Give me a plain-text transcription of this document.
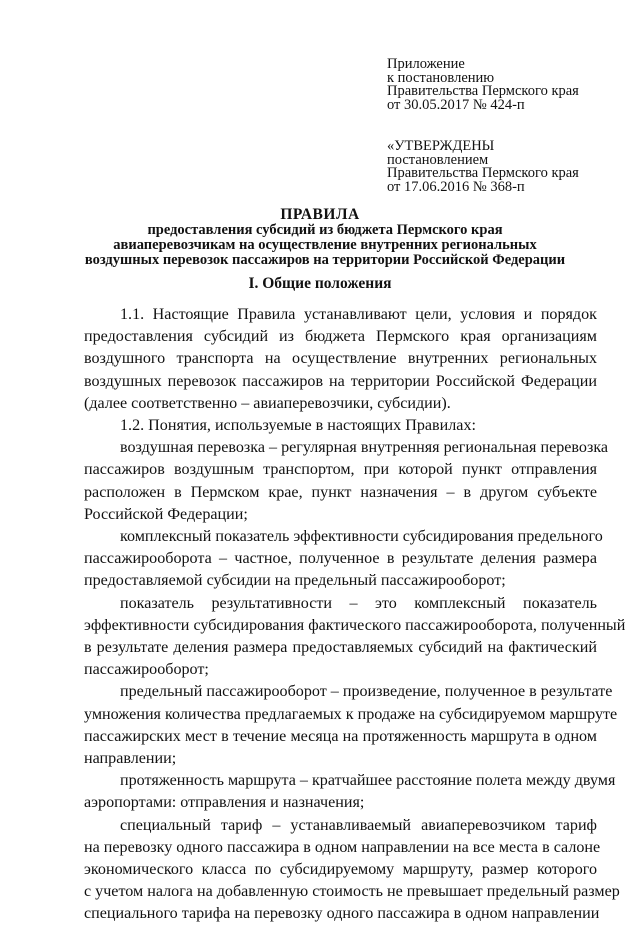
Приложение
к постановлению
Правительства Пермского края
от 30.05.2017 № 424-п
«УТВЕРЖДЕНЫ
постановлением
Правительства Пермского края
от 17.06.2016 № 368-п
ПРАВИЛА
предоставления субсидий из бюджета Пермского края
авиаперевозчикам на осуществление внутренних региональных
воздушных перевозок пассажиров на территории Российской Федерации
I. Общие положения
1.1. Настоящие Правила устанавливают цели, условия и порядок
предоставления субсидий из бюджета Пермского края организациям
воздушного транспорта на осуществление внутренних региональных
воздушных перевозок пассажиров на территории Российской Федерации
(далее соответственно – авиаперевозчики, субсидии).
1.2. Понятия, используемые в настоящих Правилах:
воздушная перевозка – регулярная внутренняя региональная перевозка
пассажиров воздушным транспортом, при которой пункт отправления
расположен в Пермском крае, пункт назначения – в другом субъекте
Российской Федерации;
комплексный показатель эффективности субсидирования предельного
пассажирооборота – частное, полученное в результате деления размера
предоставляемой субсидии на предельный пассажирооборот;
показатель результативности – это комплексный показатель
эффективности субсидирования фактического пассажирооборота, полученный
в результате деления размера предоставляемых субсидий на фактический
пассажирооборот;
предельный пассажирооборот – произведение, полученное в результате
умножения количества предлагаемых к продаже на субсидируемом маршруте
пассажирских мест в течение месяца на протяженность маршрута в одном
направлении;
протяженность маршрута – кратчайшее расстояние полета между двумя
аэропортами: отправления и назначения;
специальный тариф – устанавливаемый авиаперевозчиком тариф
на перевозку одного пассажира в одном направлении на все места в салоне
экономического класса по субсидируемому маршруту, размер которого
с учетом налога на добавленную стоимость не превышает предельный размер
специального тарифа на перевозку одного пассажира в одном направлении
